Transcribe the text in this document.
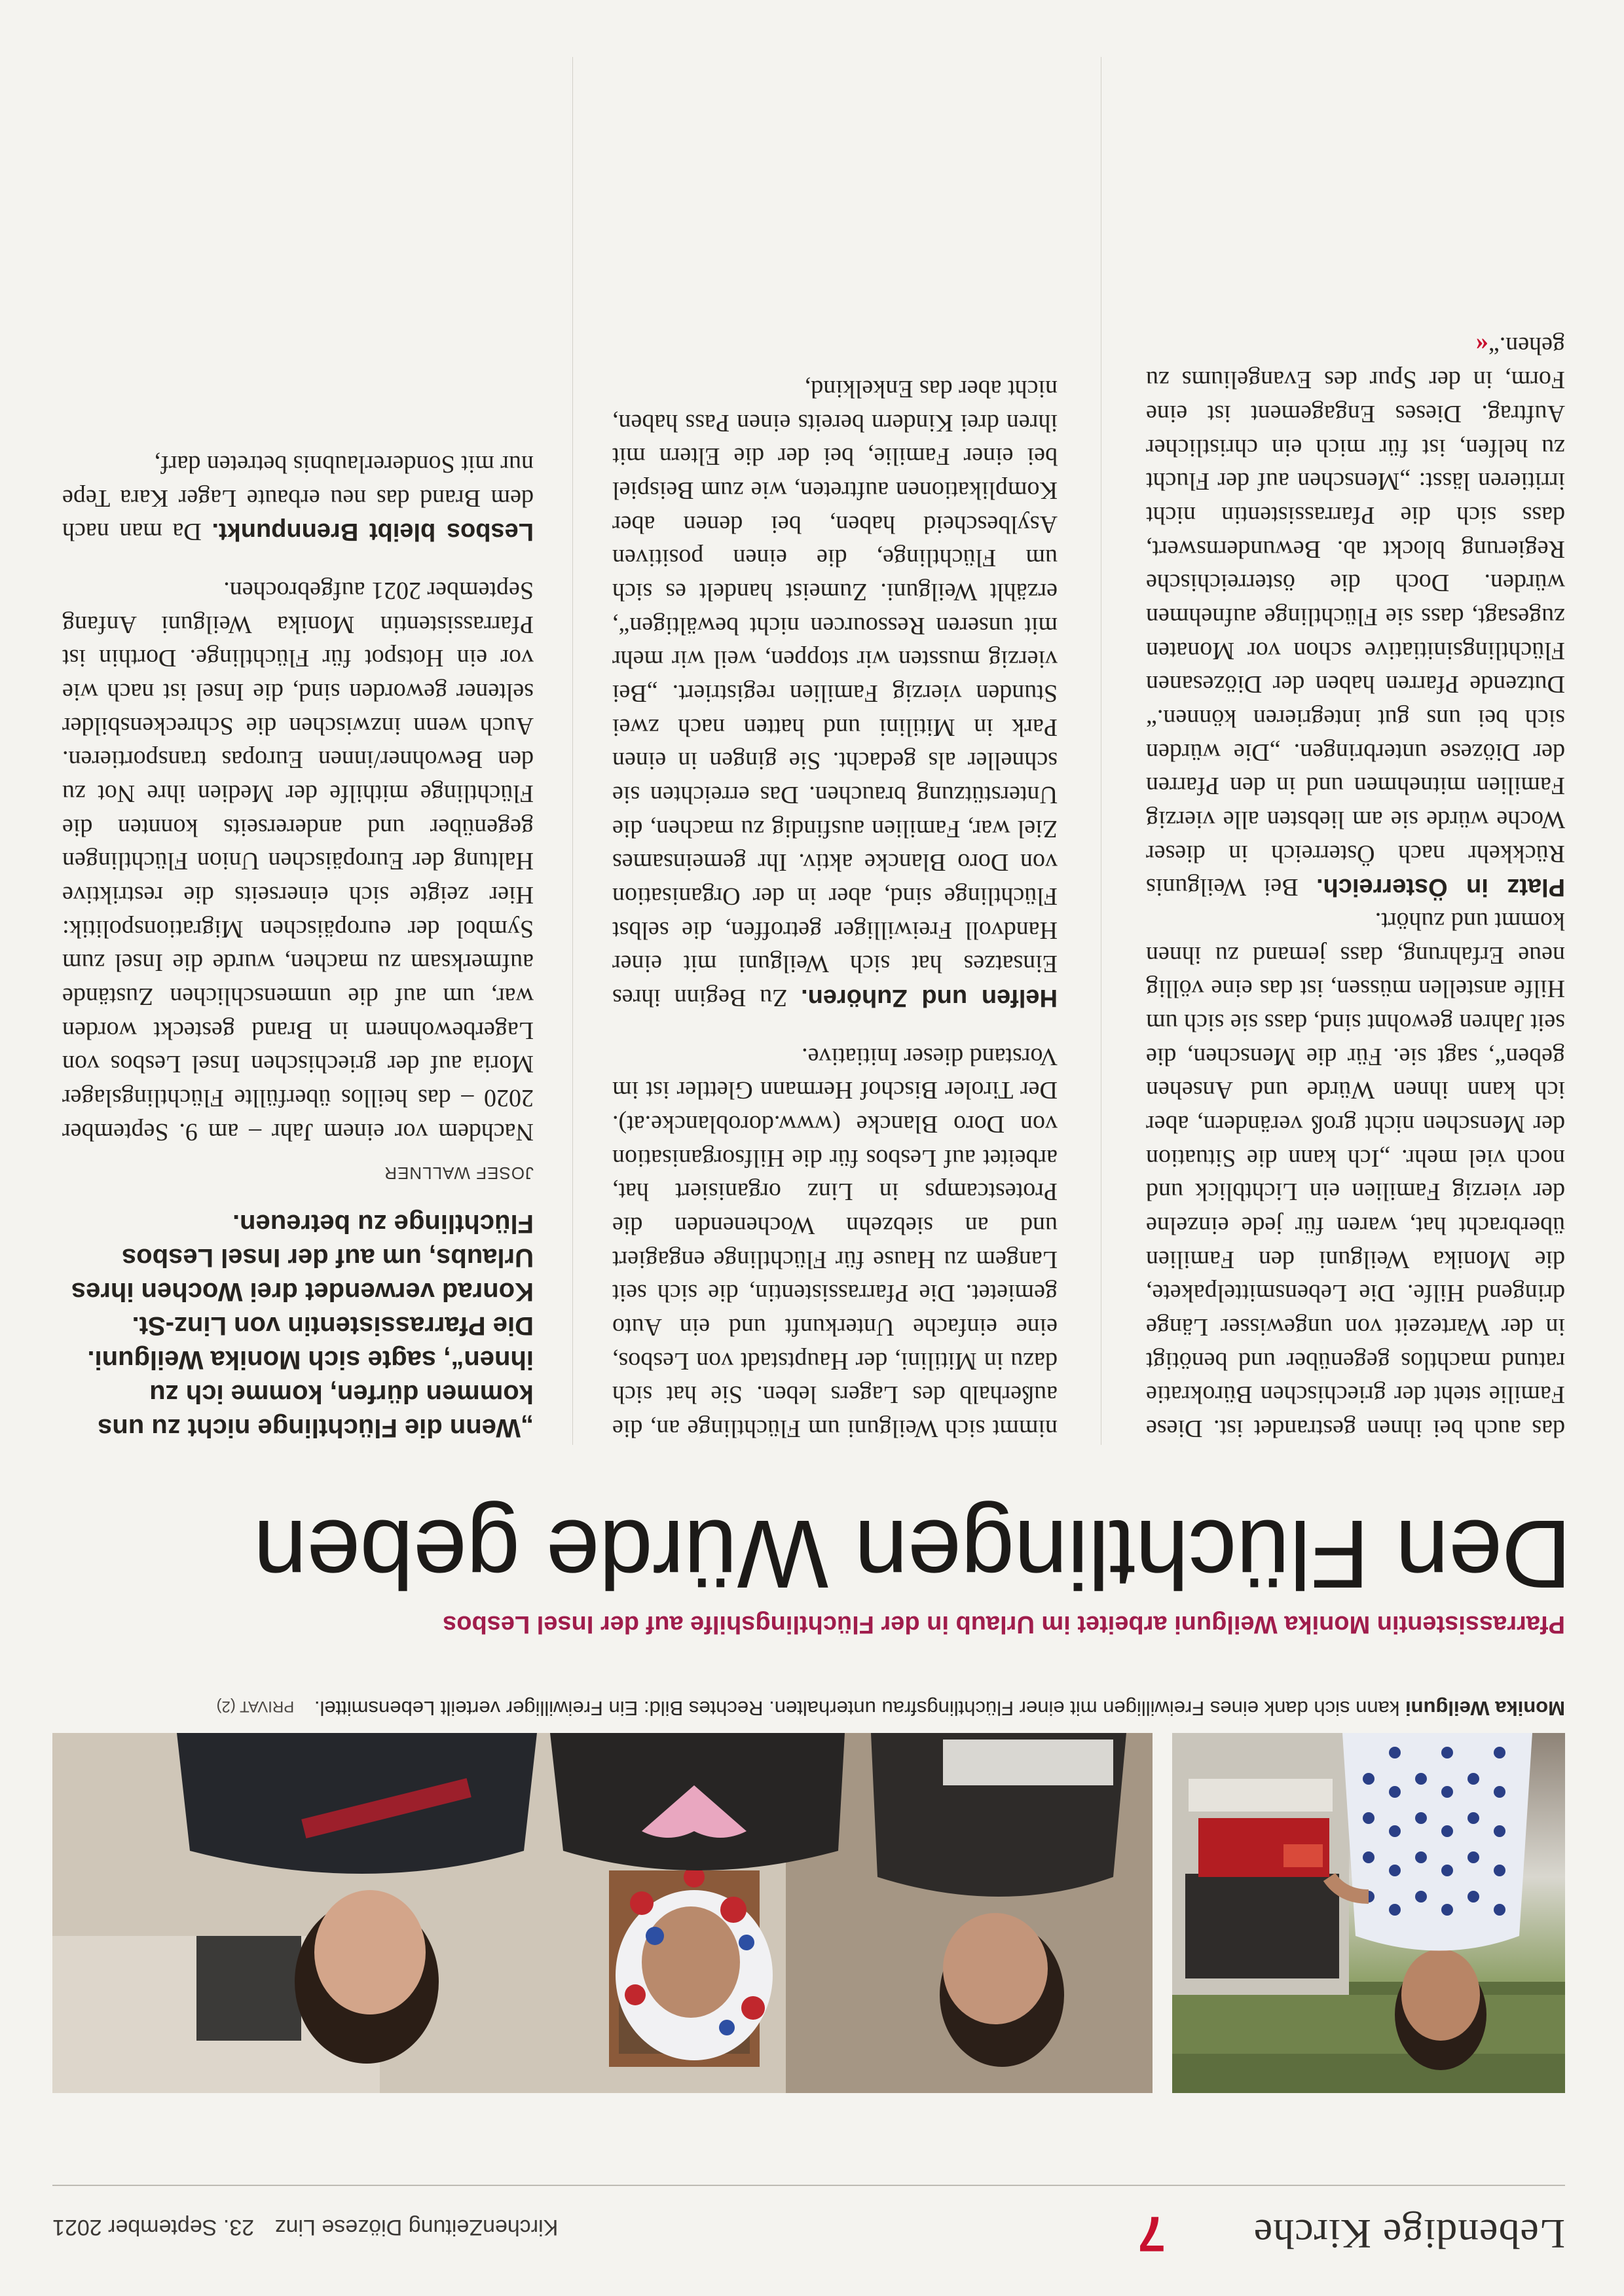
Lebendige Kirche
7
KirchenZeitung Diözese Linz 23. September 2021
Monika Weilguni kann sich dank eines Freiwilligen mit einer Flüchtlingsfrau unterhalten. Rechtes Bild: Ein Freiwilliger verteilt Lebensmittel. PRIVAT (2)
Pfarrassistentin Monika Weilguni arbeitet im Urlaub in der Flüchtlingshilfe auf der Insel Lesbos
Den Flüchtlingen Würde geben

das auch bei ihnen gestrandet ist. Diese Familie steht der griechischen Bürokratie ratund machtlos gegenüber und benötigt in der Wartezeit von ungewisser Länge dringend Hilfe. Die Lebensmittelpakete, die Monika Weilguni den Familien überbracht hat, waren für jede einzelne der vierzig Familien ein Lichtblick und noch viel mehr. „Ich kann die Situation der Menschen nicht groß verändern, aber ich kann ihnen Würde und Ansehen geben“, sagt sie. Für die Menschen, die seit Jahren gewohnt sind, dass sie sich um Hilfe anstellen müssen, ist das eine völlig neue Erfahrung, dass jemand zu ihnen kommt und zuhört.

Platz in Österreich. Bei Weilgunis Rückkehr nach Österreich in dieser Woche würde sie am liebsten alle vierzig Familien mitnehmen und in den Pfarren der Diözese unterbringen. „Die würden sich bei uns gut integrieren können.“ Dutzende Pfarren haben der Diözesanen Flüchtlingsinitiative schon vor Monaten zugesagt, dass sie Flüchtlinge aufnehmen würden. Doch die österreichische Regierung blockt ab. Bewundernswert, dass sich die Pfarrassistentin nicht irritieren lässt: „Menschen auf der Flucht zu helfen, ist für mich ein christlicher Auftrag. Dieses Engagement ist eine Form, in der Spur des Evangeliums zu gehen.“«

nimmt sich Weilguni um Flüchtlinge an, die außerhalb des Lagers leben. Sie hat sich dazu in Mitilini, der Hauptstadt von Lesbos, eine einfache Unterkunft und ein Auto gemietet. Die Pfarrassistentin, die sich seit Langem zu Hause für Flüchtlinge engagiert und an siebzehn Wochenenden die Protestcamps in Linz organisiert hat, arbeitet auf Lesbos für die Hilfsorganisation von Doro Blancke (www.doroblancke.at). Der Tiroler Bischof Hermann Glettler ist im Vorstand dieser Initiative.

Helfen und Zuhören. Zu Beginn ihres Einsatzes hat sich Weilguni mit einer Handvoll Freiwilliger getroffen, die selbst Flüchtlinge sind, aber in der Organisation von Doro Blancke aktiv. Ihr gemeinsames Ziel war, Familien ausfindig zu machen, die Unterstützung brauchen. Das erreichten sie schneller als gedacht. Sie gingen in einen Park in Mitilini und hatten nach zwei Stunden vierzig Familien registriert. „Bei vierzig mussten wir stoppen, weil wir mehr mit unseren Ressourcen nicht bewältigen“, erzählt Weilguni. Zumeist handelt es sich um Flüchtlinge, die einen positiven Asylbescheid haben, bei denen aber Komplikationen auftreten, wie zum Beispiel bei einer Familie, bei der die Eltern mit ihren drei Kindern bereits einen Pass haben, nicht aber das Enkelkind,

„Wenn die Flüchtlinge nicht zu uns kommen dürfen, komme ich zu ihnen“, sagte sich Monika Weilguni. Die Pfarrassistentin von Linz-St. Konrad verwendet drei Wochen ihres Urlaubs, um auf der Insel Lesbos Flüchtlinge zu betreuen.

JOSEF WALLNER

Nachdem vor einem Jahr – am 9. September 2020 – das heillos überfüllte Flüchtlingslager Moria auf der griechischen Insel Lesbos von Lagerbewohnern in Brand gesteckt worden war, um auf die unmenschlichen Zustände aufmerksam zu machen, wurde die Insel zum Symbol der europäischen Migrationspolitik: Hier zeigte sich einerseits die restriktive Haltung der Europäischen Union Flüchtlingen gegenüber und andererseits konnten die Flüchtlinge mithilfe der Medien ihre Not zu den Bewohner/innen Europas transportieren. Auch wenn inzwischen die Schreckensbilder seltener geworden sind, die Insel ist nach wie vor ein Hotspot für Flüchtlinge. Dorthin ist Pfarrassistentin Monika Weilguni Anfang September 2021 aufgebrochen.

Lesbos bleibt Brennpunkt. Da man nach dem Brand das neu erbaute Lager Kara Tepe nur mit Sondererlaubnis betreten darf,
